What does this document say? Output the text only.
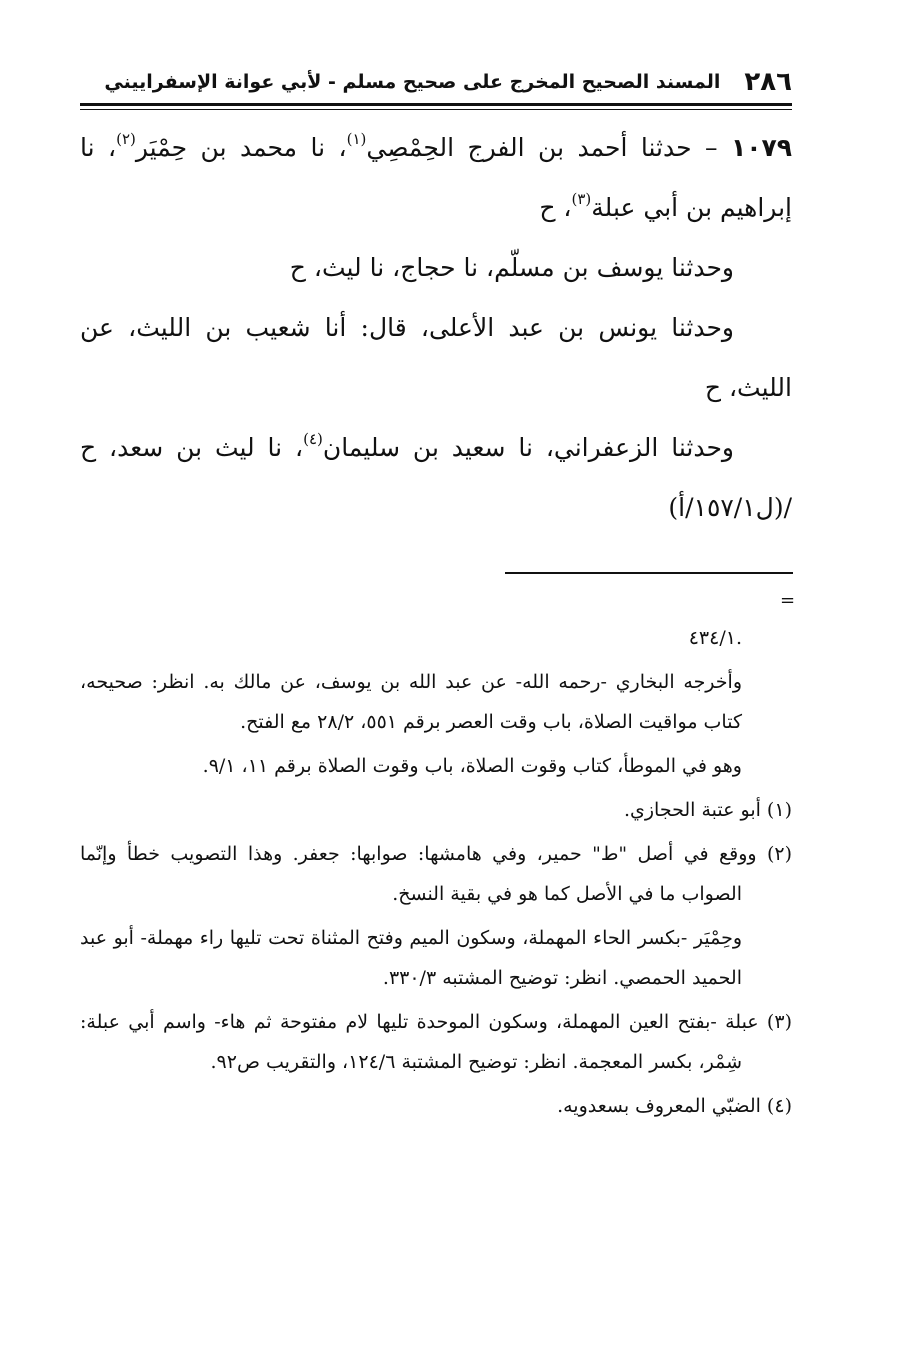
٢٨٦
المسند الصحيح المخرج على صحيح مسلم - لأبي عوانة الإسفراييني

١٠٧٩ – حدثنا أحمد بن الفرج الحِمْصِي$^{(١)}$، نا محمد بن حِمْيَر$^{(٢)}$، نا إبراهيم بن أبي عبلة$^{(٣)}$، ح

وحدثنا يوسف بن مسلّم، نا حجاج، نا ليث، ح

وحدثنا يونس بن عبد الأعلى، قال: أنا شعيب بن الليث، عن الليث، ح

وحدثنا الزعفراني، نا سعيد بن سليمان$^{(٤)}$، نا ليث بن سعد، ح /(ل١٥٧/١/أ)

=

.٤٣٤/١

وأخرجه البخاري -رحمه الله- عن عبد الله بن يوسف، عن مالك به. انظر: صحيحه، كتاب مواقيت الصلاة، باب وقت العصر برقم ٥٥١، ٢٨/٢ مع الفتح.

وهو في الموطأ، كتاب وقوت الصلاة، باب وقوت الصلاة برقم ١١، ٩/١.

(١) أبو عتبة الحجازي.

(٢) ووقع في أصل "ط" حمير، وفي هامشها: صوابها: جعفر. وهذا التصويب خطأ وإنّما الصواب ما في الأصل كما هو في بقية النسخ.

وحِمْيَر -بكسر الحاء المهملة، وسكون الميم وفتح المثناة تحت تليها راء مهملة- أبو عبد الحميد الحمصي. انظر: توضيح المشتبه ٣٣٠/٣.

(٣) عبلة -بفتح العين المهملة، وسكون الموحدة تليها لام مفتوحة ثم هاء- واسم أبي عبلة: شِمْر، بكسر المعجمة. انظر: توضيح المشتبة ١٢٤/٦، والتقريب ص٩٢.

(٤) الضبّي المعروف بسعدويه.
